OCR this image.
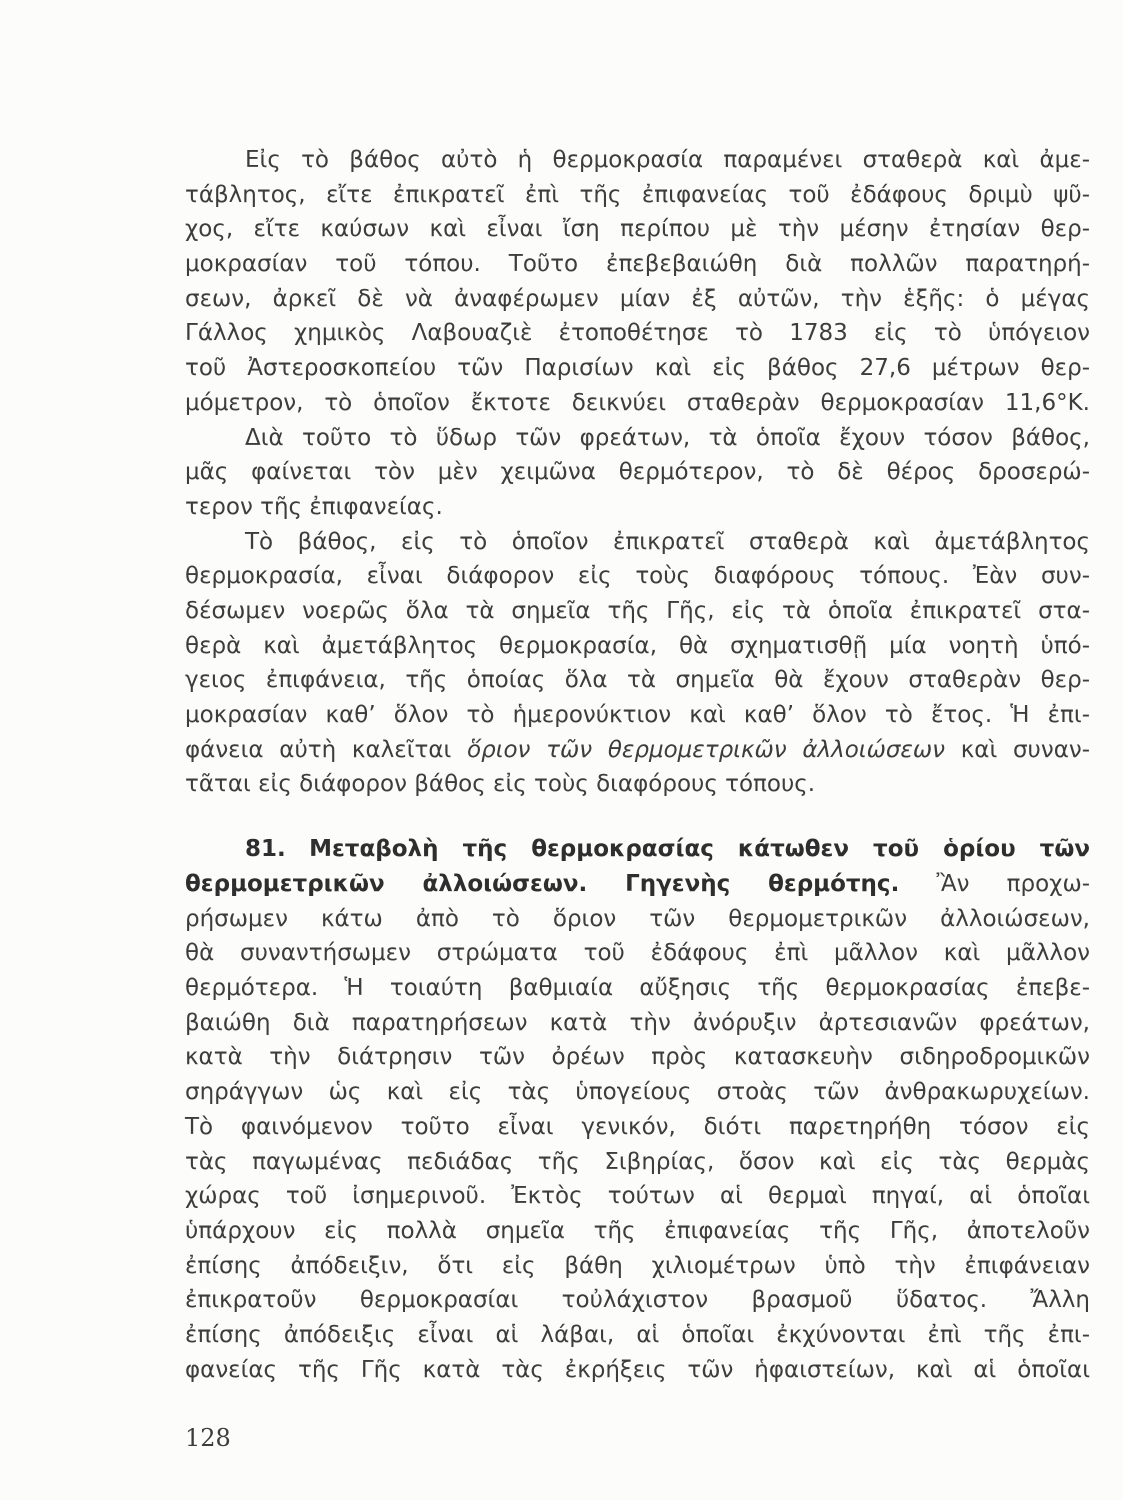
Εἰς τὸ βάθος αὐτὸ ἡ θερμοκρασία παραμένει σταθερὰ καὶ ἀμε-
τάβλητος, εἴτε ἐπικρατεῖ ἐπὶ τῆς ἐπιφανείας τοῦ ἐδάφους δριμὺ ψῦ-
χος, εἴτε καύσων καὶ εἶναι ἴση περίπου μὲ τὴν μέσην ἐτησίαν θερ-
μοκρασίαν τοῦ τόπου. Τοῦτο ἐπεβεβαιώθη διὰ πολλῶν παρατηρή-
σεων, ἀρκεῖ δὲ νὰ ἀναφέρωμεν μίαν ἐξ αὐτῶν, τὴν ἑξῆς: ὁ μέγας
Γάλλος χημικὸς Λαβουαζιὲ ἐτοποθέτησε τὸ 1783 εἰς τὸ ὑπόγειον
τοῦ Ἀστεροσκοπείου τῶν Παρισίων καὶ εἰς βάθος 27,6 μέτρων θερ-
μόμετρον, τὸ ὁποῖον ἔκτοτε δεικνύει σταθερὰν θερμοκρασίαν 11,6°Κ.
Διὰ τοῦτο τὸ ὕδωρ τῶν φρεάτων, τὰ ὁποῖα ἔχουν τόσον βάθος,
μᾶς φαίνεται τὸν μὲν χειμῶνα θερμότερον, τὸ δὲ θέρος δροσερώ-
τερον τῆς ἐπιφανείας.
Τὸ βάθος, εἰς τὸ ὁποῖον ἐπικρατεῖ σταθερὰ καὶ ἀμετάβλητος
θερμοκρασία, εἶναι διάφορον εἰς τοὺς διαφόρους τόπους. Ἐὰν συν-
δέσωμεν νοερῶς ὅλα τὰ σημεῖα τῆς Γῆς, εἰς τὰ ὁποῖα ἐπικρατεῖ στα-
θερὰ καὶ ἀμετάβλητος θερμοκρασία, θὰ σχηματισθῇ μία νοητὴ ὑπό-
γειος ἐπιφάνεια, τῆς ὁποίας ὅλα τὰ σημεῖα θὰ ἔχουν σταθερὰν θερ-
μοκρασίαν καθ’ ὅλον τὸ ἡμερονύκτιον καὶ καθ’ ὅλον τὸ ἔτος. Ἡ ἐπι-
φάνεια αὐτὴ καλεῖται ὅριον τῶν θερμομετρικῶν ἀλλοιώσεων καὶ συναν-
τᾶται εἰς διάφορον βάθος εἰς τοὺς διαφόρους τόπους.
81. Μεταβολὴ τῆς θερμοκρασίας κάτωθεν τοῦ ὁρίου τῶν
θερμομετρικῶν ἀλλοιώσεων. Γηγενὴς θερμότης. Ἂν προχω-
ρήσωμεν κάτω ἀπὸ τὸ ὅριον τῶν θερμομετρικῶν ἀλλοιώσεων,
θὰ συναντήσωμεν στρώματα τοῦ ἐδάφους ἐπὶ μᾶλλον καὶ μᾶλλον
θερμότερα. Ἡ τοιαύτη βαθμιαία αὔξησις τῆς θερμοκρασίας ἐπεβε-
βαιώθη διὰ παρατηρήσεων κατὰ τὴν ἀνόρυξιν ἀρτεσιανῶν φρεάτων,
κατὰ τὴν διάτρησιν τῶν ὀρέων πρὸς κατασκευὴν σιδηροδρομικῶν
σηράγγων ὡς καὶ εἰς τὰς ὑπογείους στοὰς τῶν ἀνθρακωρυχείων.
Τὸ φαινόμενον τοῦτο εἶναι γενικόν, διότι παρετηρήθη τόσον εἰς
τὰς παγωμένας πεδιάδας τῆς Σιβηρίας, ὅσον καὶ εἰς τὰς θερμὰς
χώρας τοῦ ἰσημερινοῦ. Ἐκτὸς τούτων αἱ θερμαὶ πηγαί, αἱ ὁποῖαι
ὑπάρχουν εἰς πολλὰ σημεῖα τῆς ἐπιφανείας τῆς Γῆς, ἀποτελοῦν
ἐπίσης ἀπόδειξιν, ὅτι εἰς βάθη χιλιομέτρων ὑπὸ τὴν ἐπιφάνειαν
ἐπικρατοῦν θερμοκρασίαι τοὐλάχιστον βρασμοῦ ὕδατος. Ἄλλη
ἐπίσης ἀπόδειξις εἶναι αἱ λάβαι, αἱ ὁποῖαι ἐκχύνονται ἐπὶ τῆς ἐπι-
φανείας τῆς Γῆς κατὰ τὰς ἐκρήξεις τῶν ἡφαιστείων, καὶ αἱ ὁποῖαι
128
